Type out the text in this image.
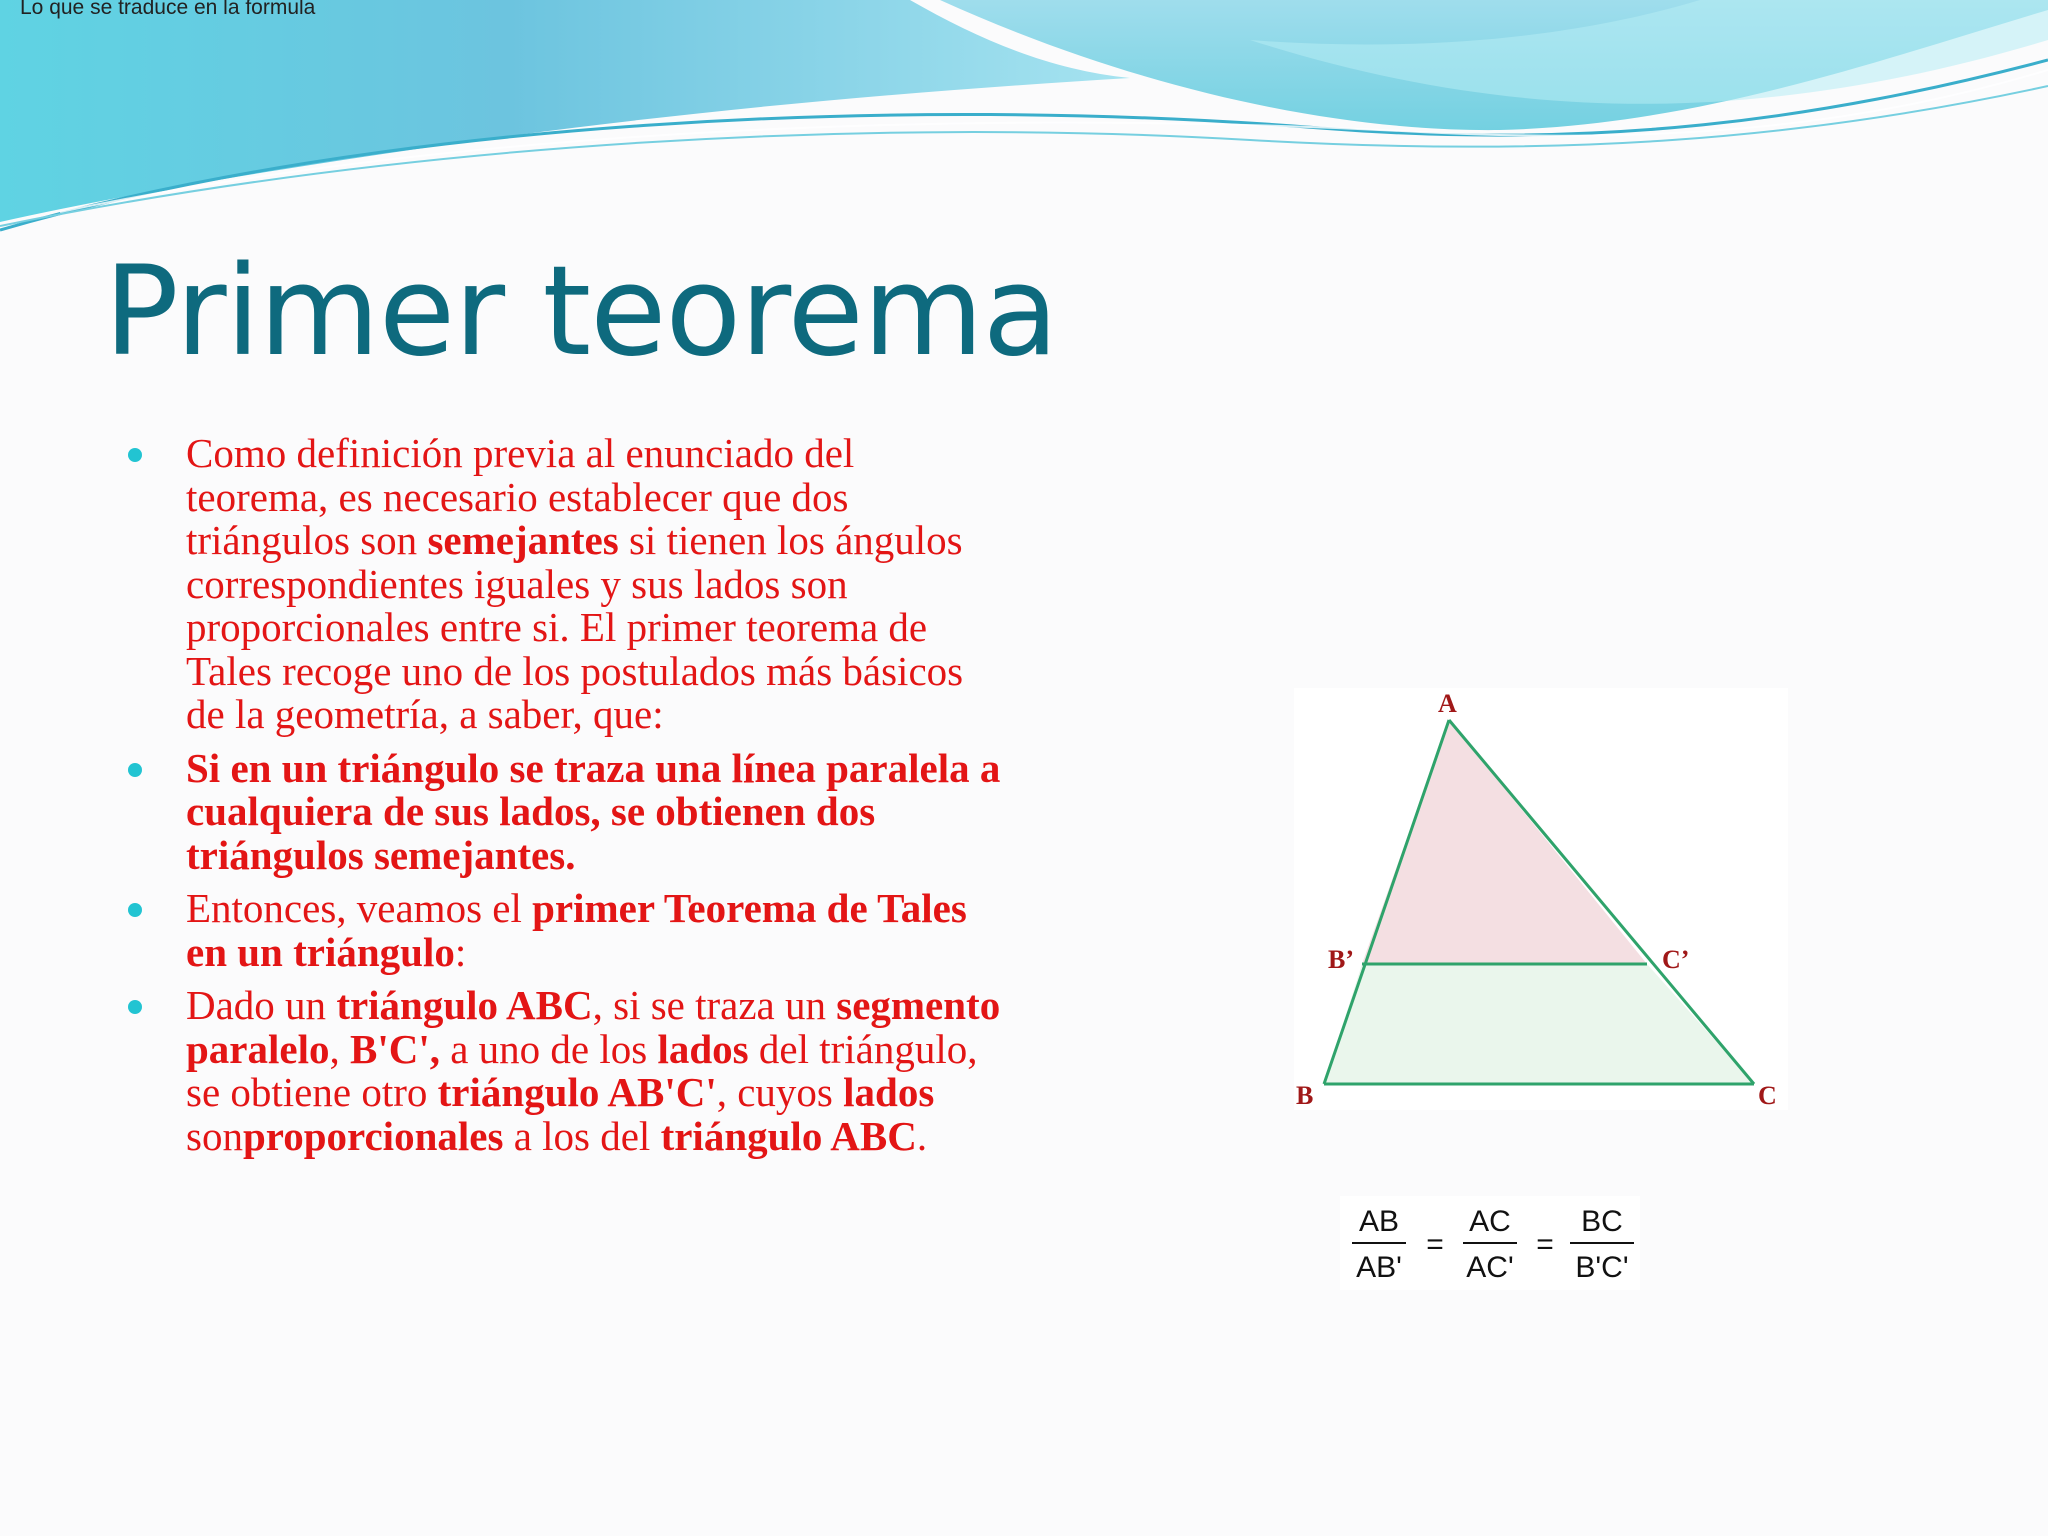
Lo que se traduce en la formula
Primer teorema
Como definición previa al enunciado del teorema, es necesario establecer que dos triángulos son semejantes si tienen los ángulos correspondientes iguales y sus lados son proporcionales entre si. El primer teorema de Tales recoge uno de los postulados más básicos de la geometría, a saber, que:
Si en un triángulo se traza una línea paralela a cualquiera de sus lados, se obtienen dos triángulos semejantes.
Entonces, veamos el primer Teorema de Tales en un triángulo:
Dado un triángulo ABC, si se traza un segmento paralelo, B'C', a uno de los lados del triángulo, se obtiene otro triángulo AB'C', cuyos lados sonproporcionales a los del triángulo ABC.
A
B’	C’
B	C
AB
AB'
=
AC
AC'
=
BC
B'C'
